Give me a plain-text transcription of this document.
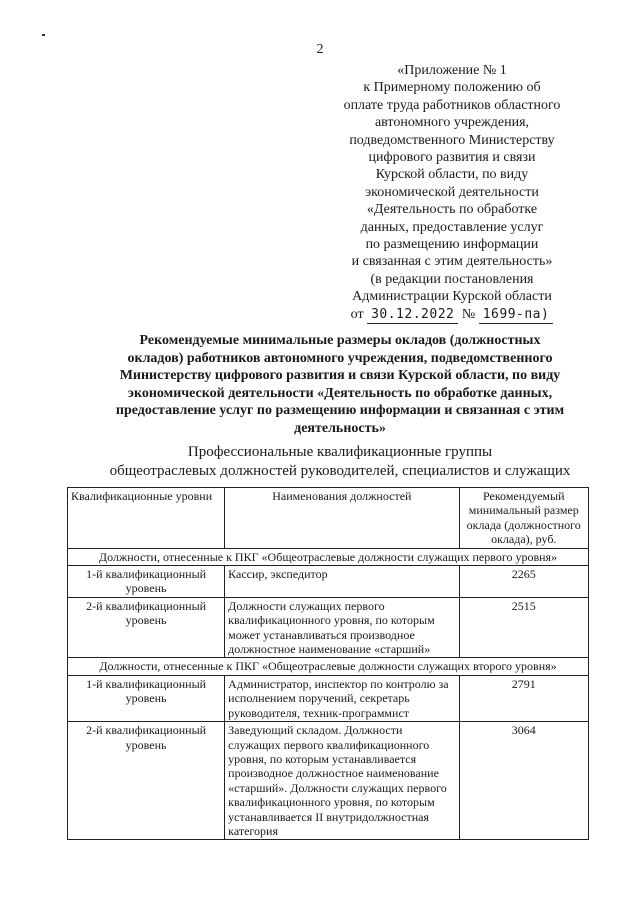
2
«Приложение № 1
к Примерному положению об
оплате труда работников областного
автономного учреждения,
подведомственного Министерству
цифрового развития и связи
Курской области, по виду
экономической деятельности
«Деятельность по обработке
данных, предоставление услуг
по размещению информации
и связанная с этим деятельность»
(в редакции постановления
Администрации Курской области
от 30.12.2022 № 1699-па)
Рекомендуемые минимальные размеры окладов (должностных
окладов) работников автономного учреждения, подведомственного
Министерству цифрового развития и связи Курской области, по виду
экономической деятельности «Деятельность по обработке данных,
предоставление услуг по размещению информации и связанная с этим
деятельность»
Профессиональные квалификационные группы
общеотраслевых должностей руководителей, специалистов и служащих
Квалификационные уровни	Наименования должностей	Рекомендуемый минимальный размер оклада (должностного оклада), руб.
Должности, отнесенные к ПКГ «Общеотраслевые должности служащих первого уровня»		
1-й квалификационный уровень	Кассир, экспедитор	2265
2-й квалификационный уровень	Должности служащих первого квалификационного уровня, по которым может устанавливаться производное должностное наименование «старший»	2515
Должности, отнесенные к ПКГ «Общеотраслевые должности служащих второго уровня»		
1-й квалификационный уровень	Администратор, инспектор по контролю за исполнением поручений, секретарь руководителя, техник-программист	2791
2-й квалификационный уровень	Заведующий складом. Должности служащих первого квалификационного уровня, по которым устанавливается производное должностное наименование «старший». Должности служащих первого квалификационного уровня, по которым устанавливается II внутридолжностная категория	3064
